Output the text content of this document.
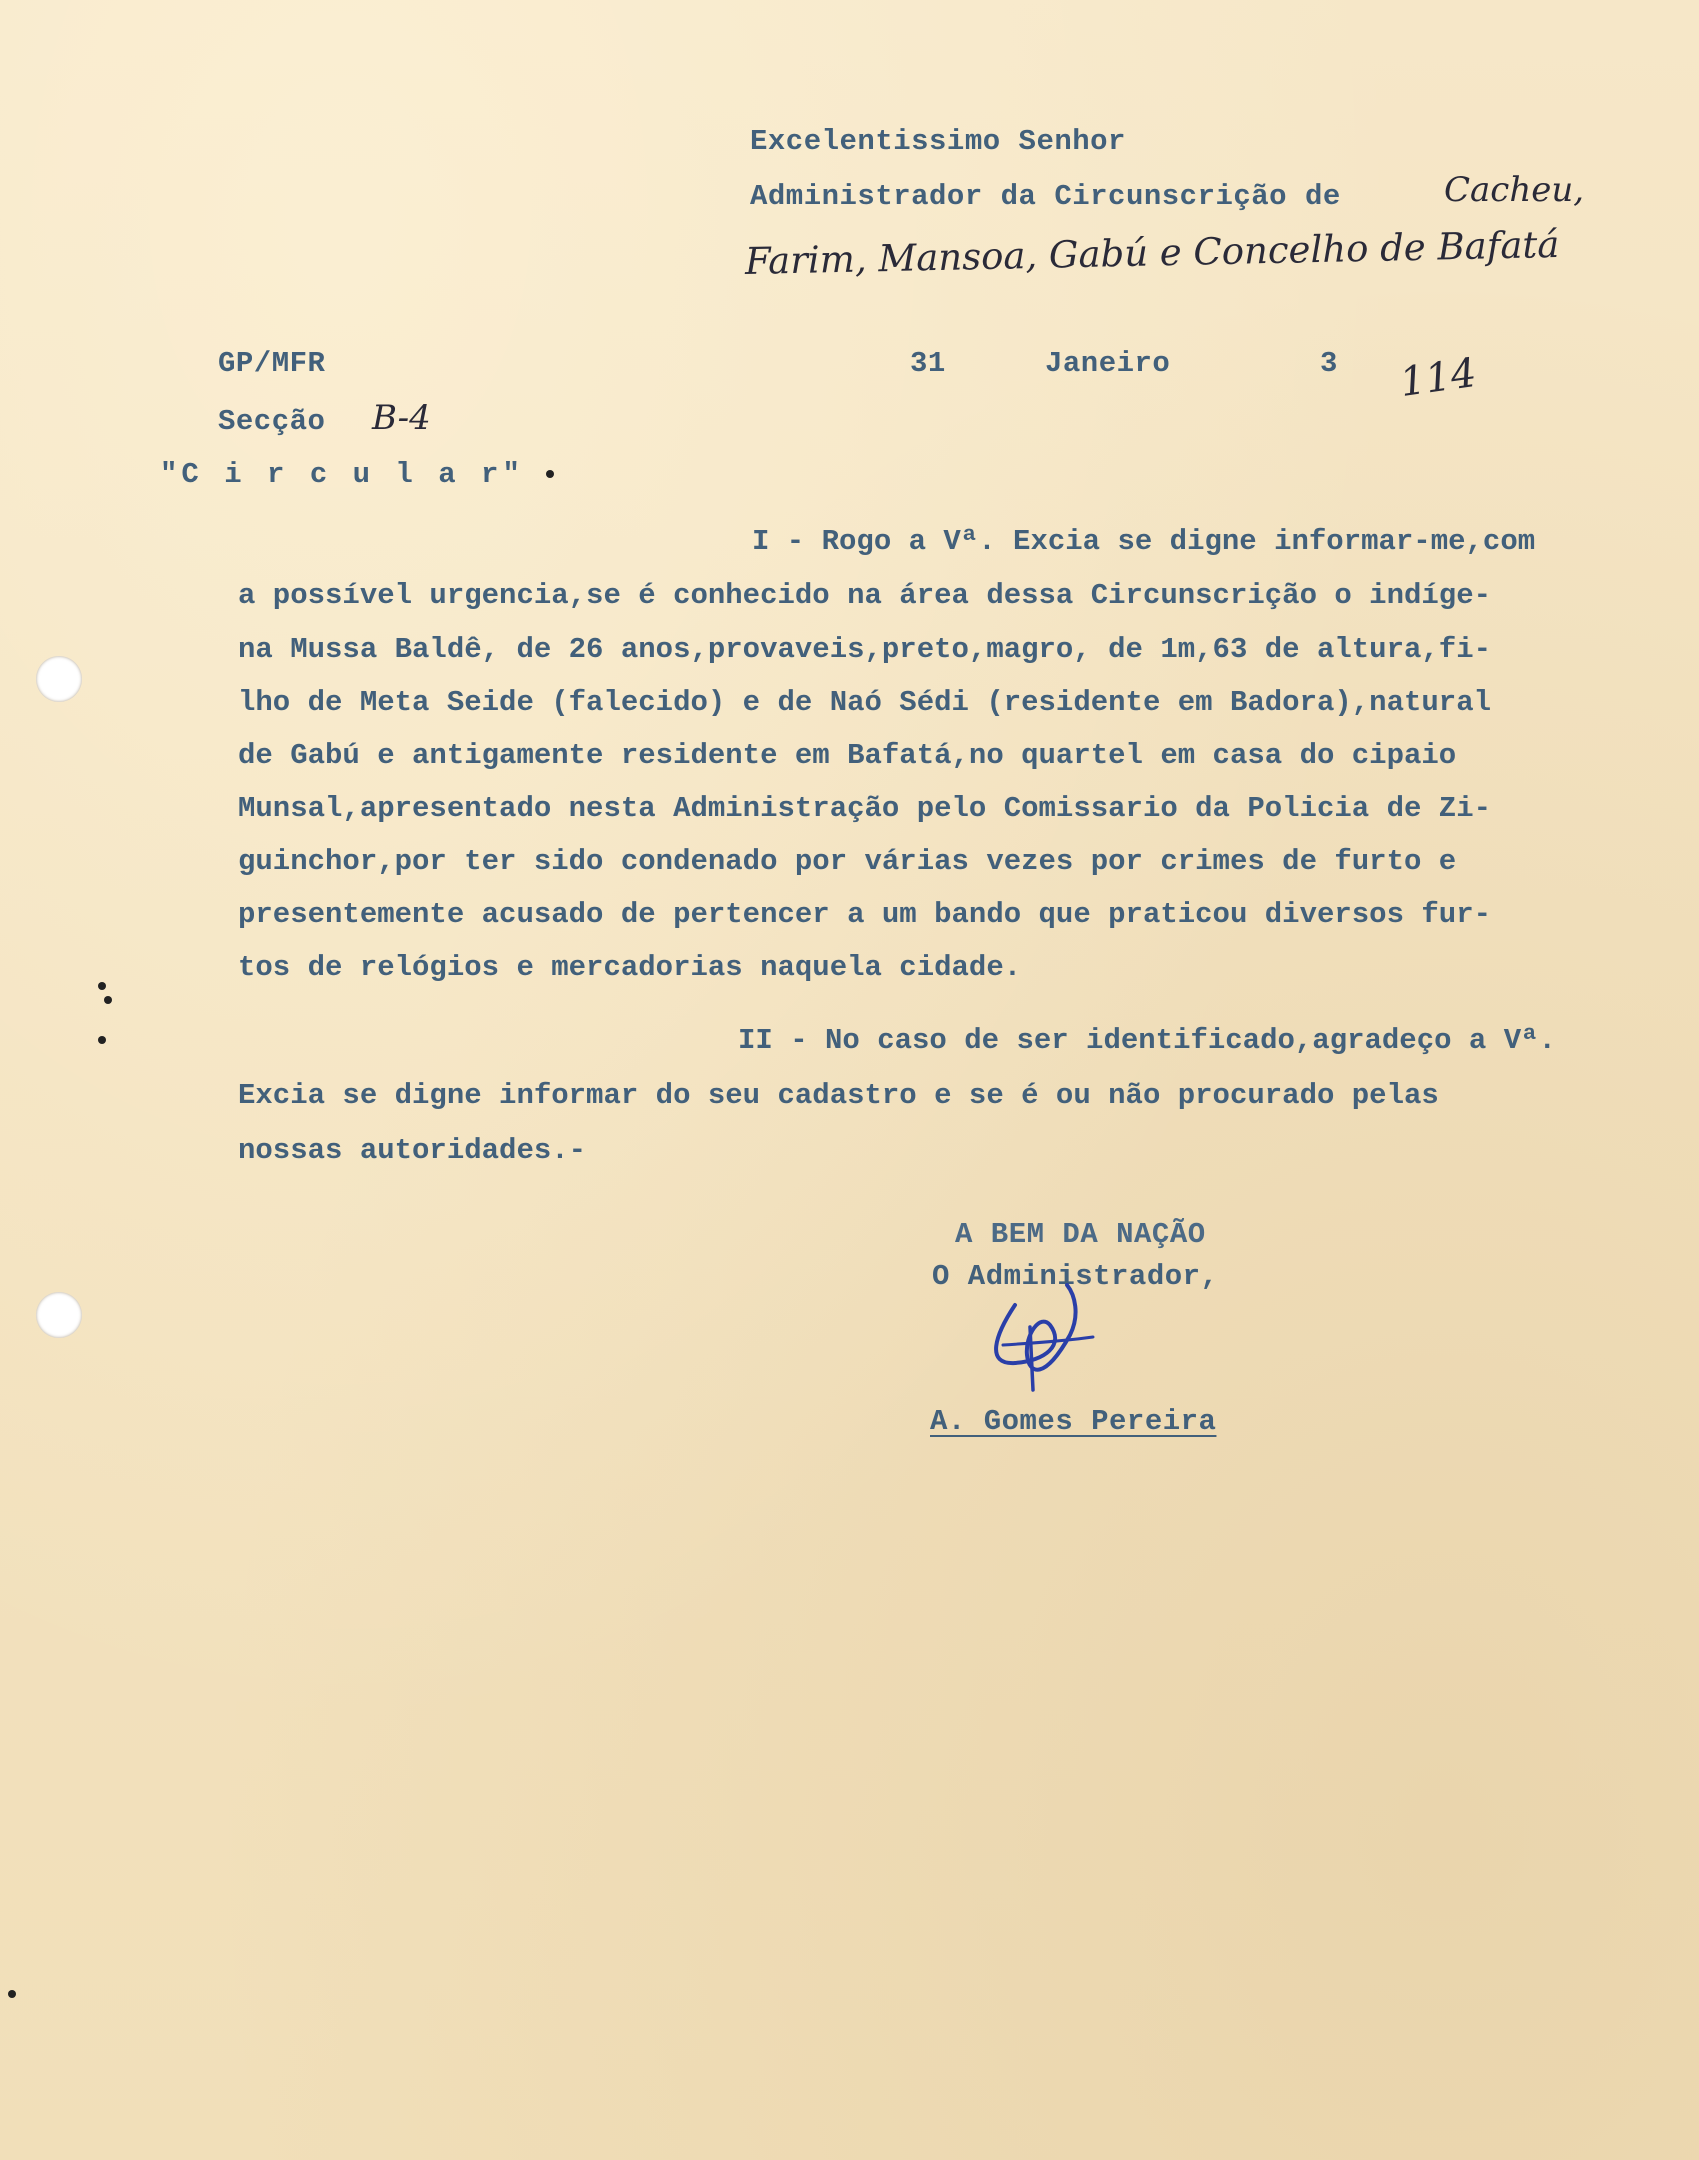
Excelentissimo Senhor
Administrador da Circunscrição de	Cacheu,
Farim, Mansoa, Gabú e Concelho de Bafatá
GP/MFR	31	Janeiro	3 114
Secção B-4
"C i r c u l a r"
I - Rogo a Vª. Excia se digne informar-me,com
a possível urgencia,se é conhecido na área dessa Circunscrição o indíge-
na Mussa Baldê, de 26 anos,provaveis,preto,magro, de 1m,63 de altura,fi-
lho de Meta Seide (falecido) e de Naó Sédi (residente em Badora),natural
de Gabú e antigamente residente em Bafatá,no quartel em casa do cipaio
Munsal,apresentado nesta Administração pelo Comissario da Policia de Zi-
guinchor,por ter sido condenado por várias vezes por crimes de furto e
presentemente acusado de pertencer a um bando que praticou diversos fur-
tos de relógios e mercadorias naquela cidade.
II - No caso de ser identificado,agradeço a Vª.
Excia se digne informar do seu cadastro e se é ou não procurado pelas
nossas autoridades.-
A BEM DA NAÇÃO
O Administrador,
A. Gomes Pereira
